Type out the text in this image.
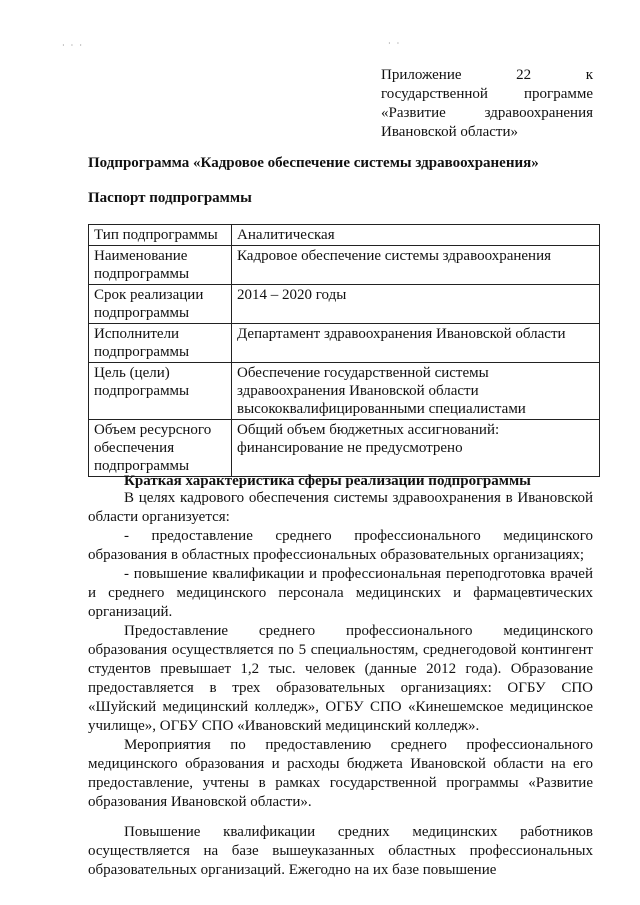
· · ·	· ·

Приложение 22 к

государственной программе

«Развитие здравоохранения

Ивановской области»

Подпрограмма «Кадровое обеспечение системы здравоохранения»

Паспорт подпрограммы

Тип подпрограммы	Аналитическая
Наименование подпрограммы	Кадровое обеспечение системы здравоохранения
Срок реализации подпрограммы	2014 – 2020 годы
Исполнители подпрограммы	Департамент здравоохранения Ивановской области
Цель (цели) подпрограммы	Обеспечение государственной системы здравоохранения Ивановской области высококвалифицированными специалистами
Объем ресурсного обеспечения подпрограммы	Общий объем бюджетных ассигнований: финансирование не предусмотрено

Краткая характеристика сферы реализации подпрограммы

В целях кадрового обеспечения системы здравоохранения в Ивановской области организуется:

- предоставление среднего профессионального медицинского образования в областных профессиональных образовательных организациях;

- повышение квалификации и профессиональная переподготовка врачей и среднего медицинского персонала медицинских и фармацевтических организаций.

Предоставление среднего профессионального медицинского образования осуществляется по 5 специальностям, среднегодовой контингент студентов превышает 1,2 тыс. человек (данные 2012 года). Образование предоставляется в трех образовательных организациях: ОГБУ СПО «Шуйский медицинский колледж», ОГБУ СПО «Кинешемское медицинское училище», ОГБУ СПО «Ивановский медицинский колледж».

Мероприятия по предоставлению среднего профессионального медицинского образования и расходы бюджета Ивановской области на его предоставление, учтены в рамках государственной программы «Развитие образования Ивановской области».

Повышение квалификации средних медицинских работников осуществляется на базе вышеуказанных областных профессиональных образовательных организаций. Ежегодно на их базе повышение
